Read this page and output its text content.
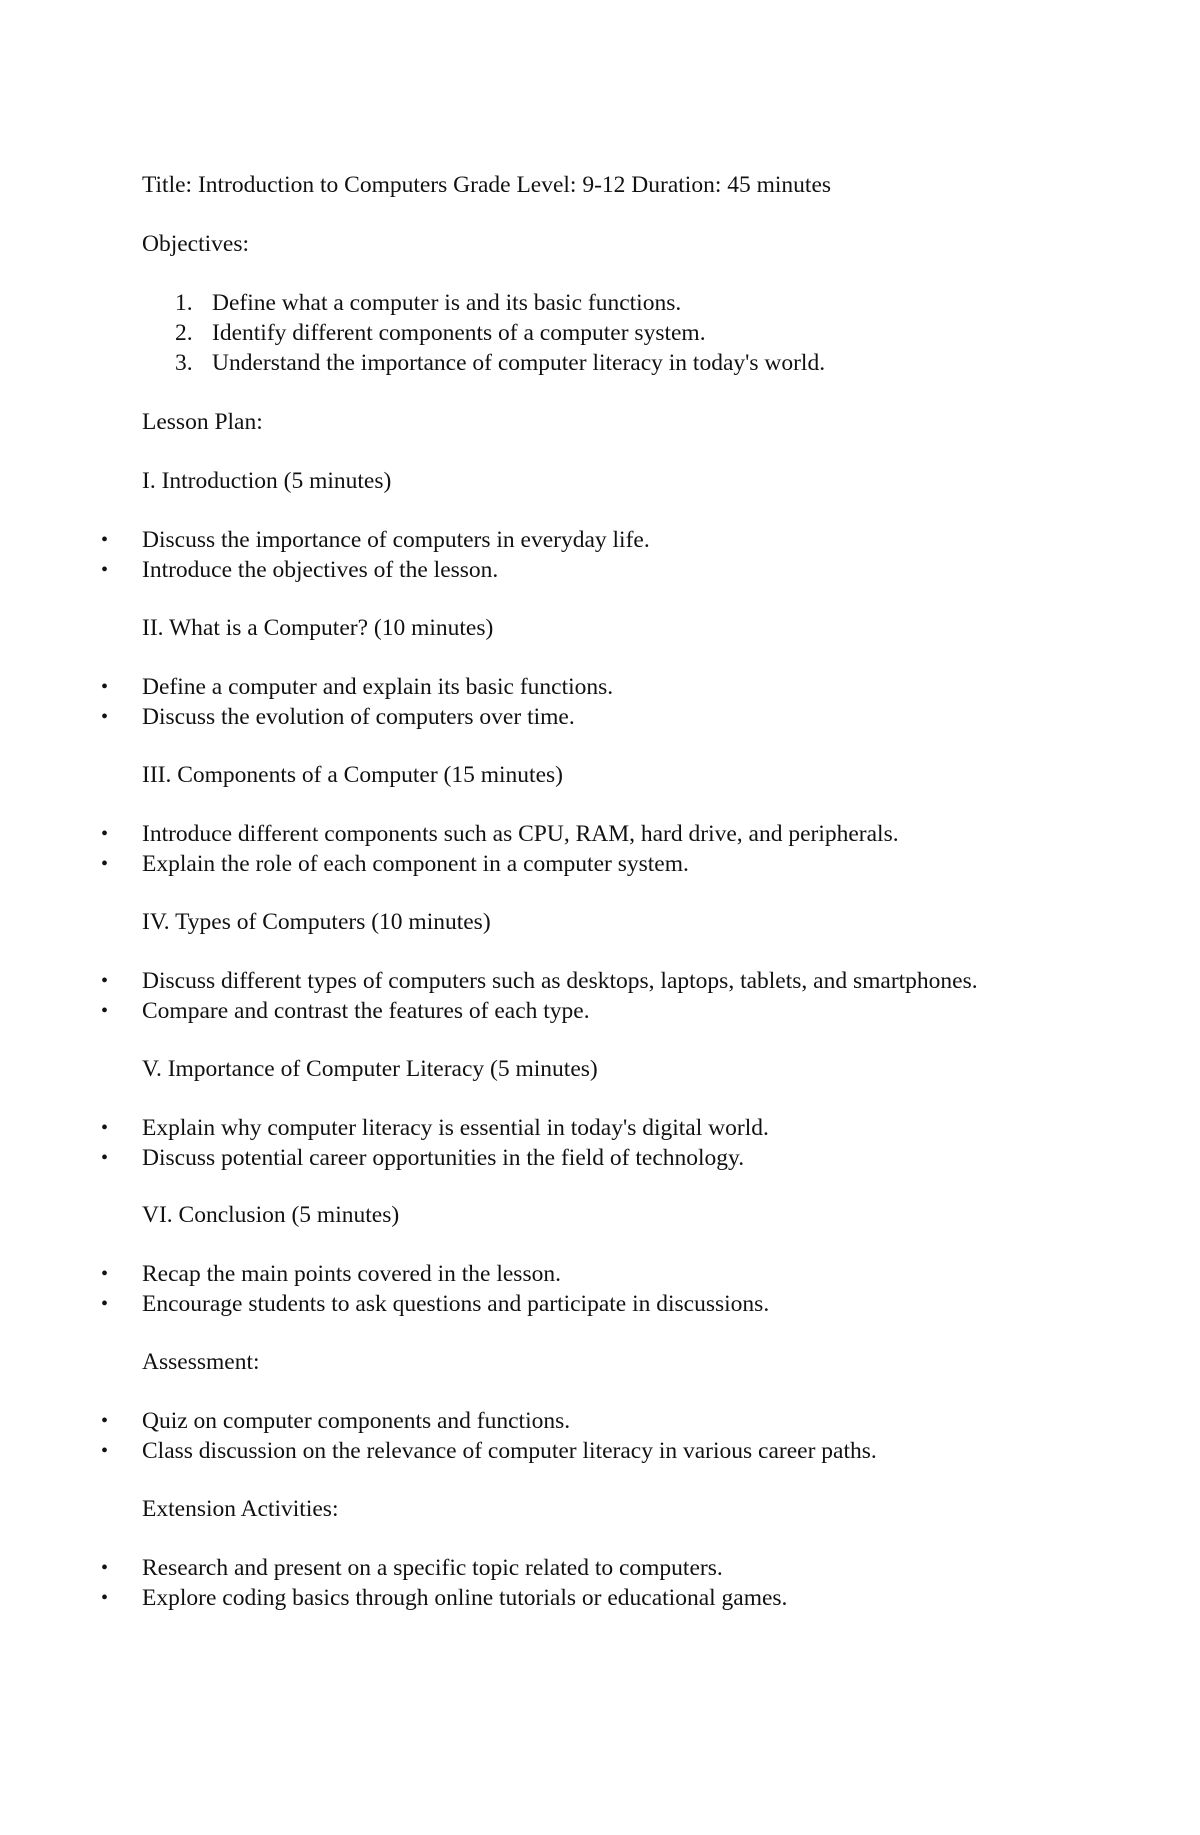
Title: Introduction to Computers Grade Level: 9-12 Duration: 45 minutes
Objectives:
1. Define what a computer is and its basic functions.
2. Identify different components of a computer system.
3. Understand the importance of computer literacy in today's world.
Lesson Plan:
I. Introduction (5 minutes)
• Discuss the importance of computers in everyday life.
• Introduce the objectives of the lesson.
II. What is a Computer? (10 minutes)
• Define a computer and explain its basic functions.
• Discuss the evolution of computers over time.
III. Components of a Computer (15 minutes)
• Introduce different components such as CPU, RAM, hard drive, and peripherals.
• Explain the role of each component in a computer system.
IV. Types of Computers (10 minutes)
• Discuss different types of computers such as desktops, laptops, tablets, and smartphones.
• Compare and contrast the features of each type.
V. Importance of Computer Literacy (5 minutes)
• Explain why computer literacy is essential in today's digital world.
• Discuss potential career opportunities in the field of technology.
VI. Conclusion (5 minutes)
• Recap the main points covered in the lesson.
• Encourage students to ask questions and participate in discussions.
Assessment:
• Quiz on computer components and functions.
• Class discussion on the relevance of computer literacy in various career paths.
Extension Activities:
• Research and present on a specific topic related to computers.
• Explore coding basics through online tutorials or educational games.
